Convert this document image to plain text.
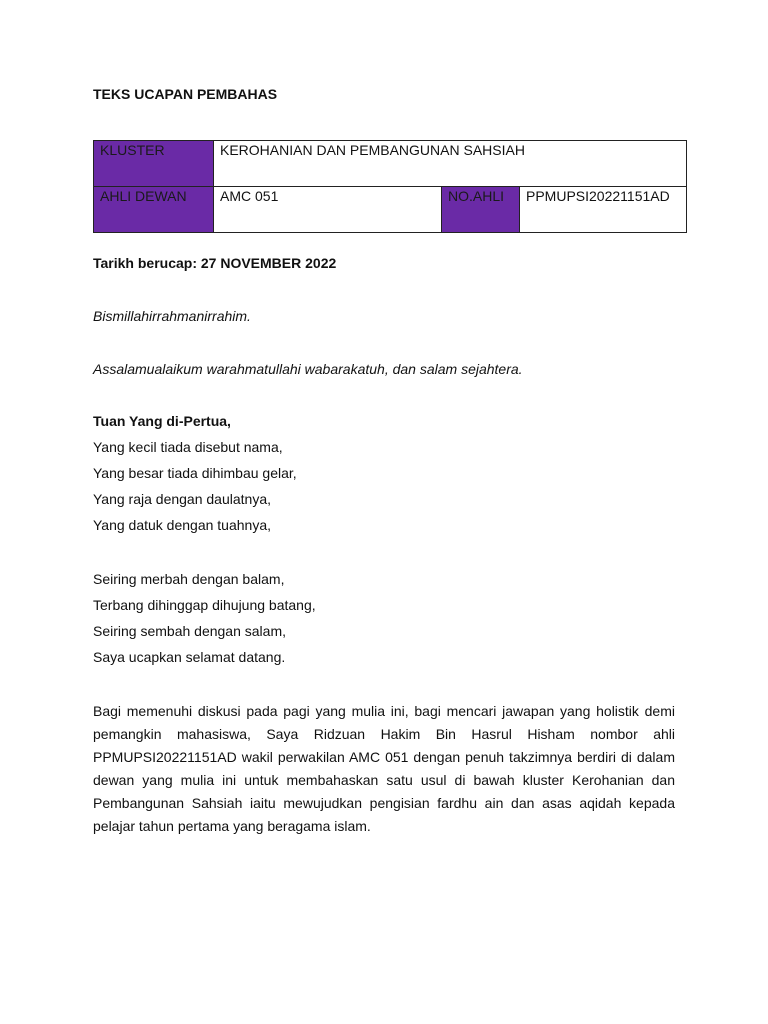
TEKS UCAPAN PEMBAHAS
KLUSTER	KEROHANIAN DAN PEMBANGUNAN SAHSIAH		
AHLI DEWAN	AMC 051	NO.AHLI	PPMUPSI20221151AD
Tarikh berucap: 27 NOVEMBER 2022
Bismillahirrahmanirrahim.
Assalamualaikum warahmatullahi wabarakatuh, dan salam sejahtera.
Tuan Yang di-Pertua,
Yang kecil tiada disebut nama,
Yang besar tiada dihimbau gelar,
Yang raja dengan daulatnya,
Yang datuk dengan tuahnya,
Seiring merbah dengan balam,
Terbang dihinggap dihujung batang,
Seiring sembah dengan salam,
Saya ucapkan selamat datang.
Bagi memenuhi diskusi pada pagi yang mulia ini, bagi mencari jawapan yang holistik demi pemangkin mahasiswa, Saya Ridzuan Hakim Bin Hasrul Hisham nombor ahli PPMUPSI20221151AD wakil perwakilan AMC 051 dengan penuh takzimnya berdiri di dalam dewan yang mulia ini untuk membahaskan satu usul di bawah kluster Kerohanian dan Pembangunan Sahsiah iaitu mewujudkan pengisian fardhu ain dan asas aqidah kepada pelajar tahun pertama yang beragama islam.
